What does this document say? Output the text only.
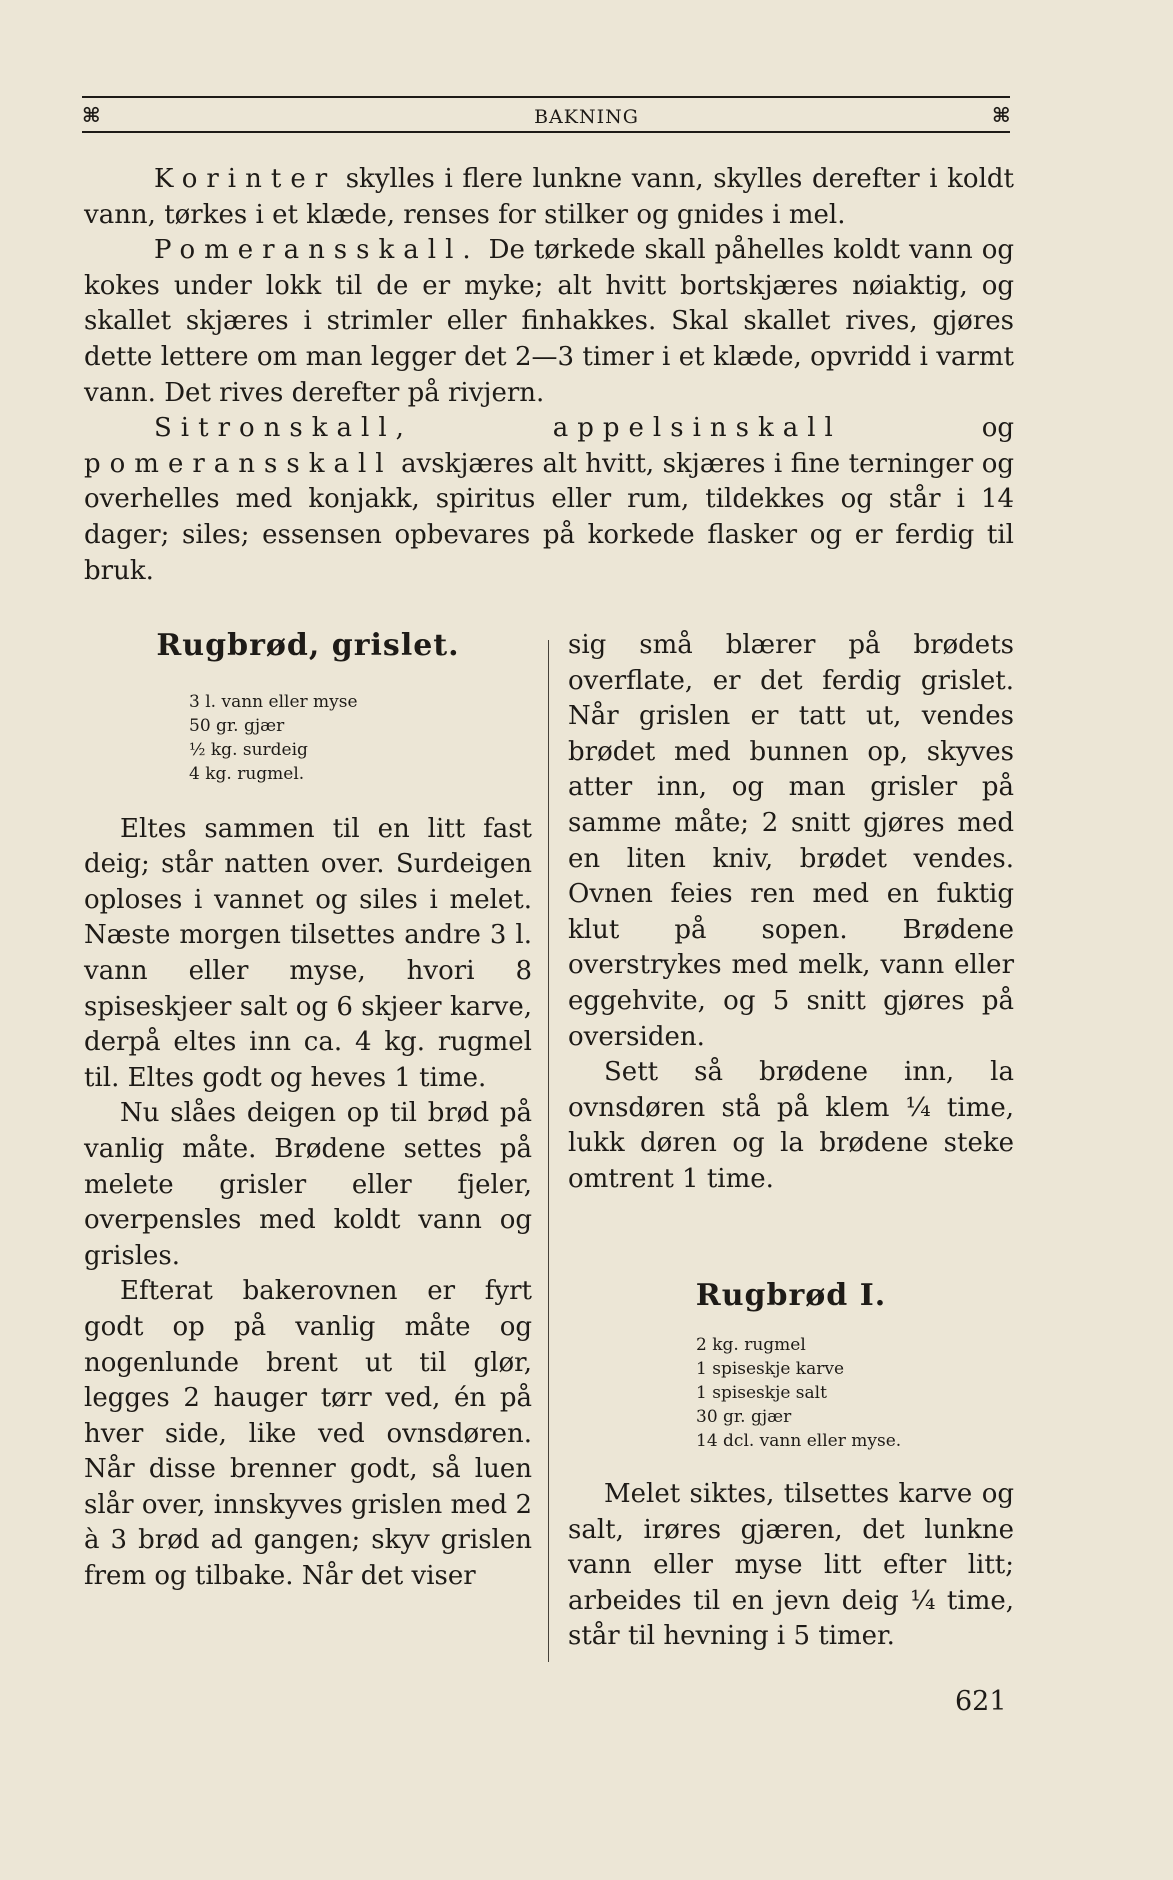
⌘	BAKNING	⌘

Korinter skylles i flere lunkne vann, skylles derefter i koldt vann, tørkes i et klæde, renses for stilker og gnides i mel.

Pomeransskall. De tørkede skall påhelles koldt vann og kokes under lokk til de er myke; alt hvitt bortskjæres nøiaktig, og skallet skjæres i strimler eller finhakkes. Skal skallet rives, gjøres dette lettere om man legger det 2—3 timer i et klæde, opvridd i varmt vann. Det rives derefter på rivjern.

Sitronskall,	appelsinskall og pomeransskall avskjæres alt hvitt, skjæres i fine terninger og overhelles med konjakk, spiritus eller rum, tildekkes og står i 14 dager; siles; essensen opbevares på korkede flasker og er ferdig til bruk.

Rugbrød, grislet.
3 l. vann eller myse
50 gr. gjær
½ kg. surdeig
4 kg. rugmel.

Eltes sammen til en litt fast deig; står natten over. Surdeigen oploses i vannet og siles i melet. Næste morgen tilsettes andre 3 l. vann eller myse, hvori 8 spiseskjeer salt og 6 skjeer karve, derpå eltes inn ca. 4 kg. rugmel til. Eltes godt og heves 1 time.

Nu slåes deigen op til brød på vanlig måte. Brødene settes på melete grisler eller fjeler, overpensles med koldt vann og grisles.

Efterat bakerovnen er fyrt godt op på vanlig måte og nogenlunde brent ut til glør, legges 2 hauger tørr ved, én på hver side, like ved ovnsdøren. Når disse brenner godt, så luen slår over, innskyves grislen med 2 à 3 brød ad gangen; skyv grislen frem og tilbake. Når det viser

sig små blærer på brødets overflate, er det ferdig grislet. Når grislen er tatt ut, vendes brødet med bunnen op, skyves atter inn, og man grisler på samme måte; 2 snitt gjøres med en liten kniv, brødet vendes. Ovnen feies ren med en fuktig klut på sopen. Brødene overstrykes med melk, vann eller eggehvite, og 5 snitt gjøres på oversiden.

Sett så brødene inn, la ovnsdøren stå på klem ¼ time, lukk døren og la brødene steke omtrent 1 time.

Rugbrød I.
2 kg. rugmel
1 spiseskje karve
1 spiseskje salt
30 gr. gjær
14 dcl. vann eller myse.

Melet siktes, tilsettes karve og salt, irøres gjæren, det lunkne vann eller myse litt efter litt; arbeides til en jevn deig ¼ time, står til hevning i 5 timer.

621
